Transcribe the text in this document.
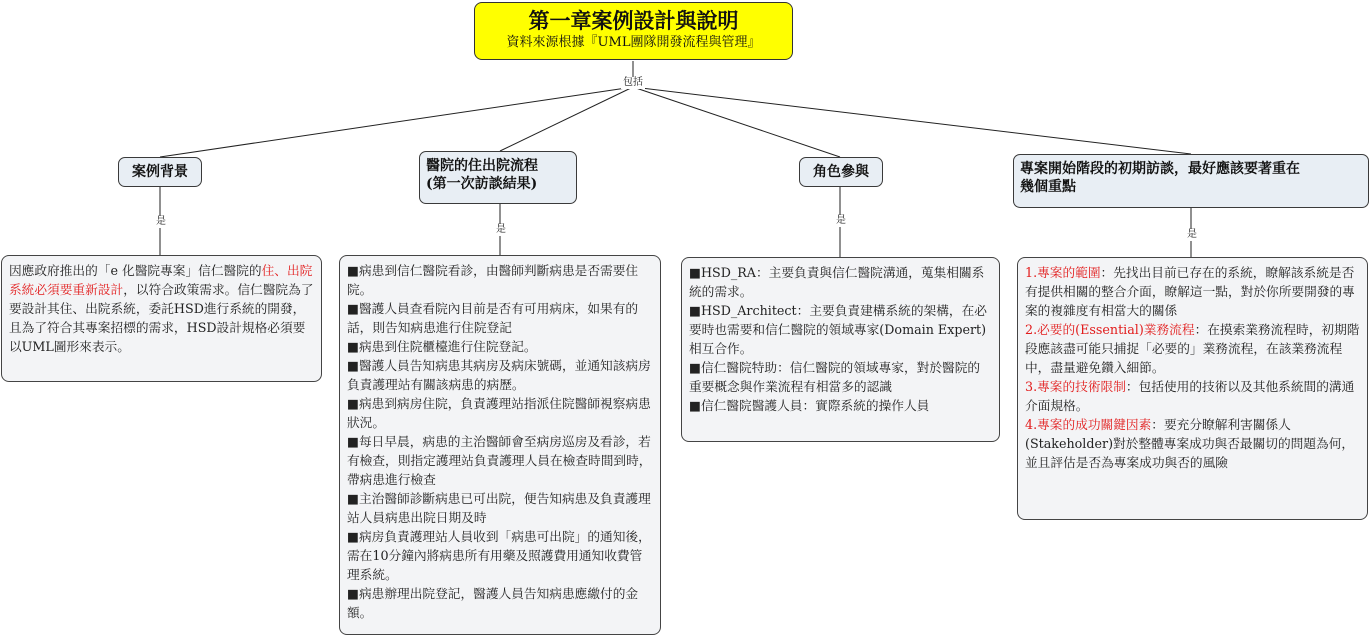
第一章案例設計與說明
資料來源根據『UML團隊開發流程與管理』
包括
案例背景
是

因應政府推出的「e 化醫院專案」信仁醫院的住、出院系統必須要重新設計，以符合政策需求。信仁醫院為了要設計其住、出院系統，委託HSD進行系統的開發，且為了符合其專案招標的需求，HSD設計規格必須要以UML圖形來表示。

醫院的住出院流程
(第一次訪談結果)
是

■病患到信仁醫院看診，由醫師判斷病患是否需要住院。

■醫護人員查看院內目前是否有可用病床，如果有的話，則告知病患進行住院登記

■病患到住院櫃檯進行住院登記。

■醫護人員告知病患其病房及病床號碼，並通知該病房負責護理站有關該病患的病歷。

■病患到病房住院，負責護理站指派住院醫師視察病患狀況。

■每日早晨，病患的主治醫師會至病房巡房及看診，若有檢查，則指定護理站負責護理人員在檢查時間到時，帶病患進行檢查

■主治醫師診斷病患已可出院，便告知病患及負責護理站人員病患出院日期及時

■病房負責護理站人員收到「病患可出院」的通知後，需在10分鐘內將病患所有用藥及照護費用通知收費管理系統。

■病患辦理出院登記，醫護人員告知病患應繳付的金額。

角色參與
是

■HSD_RA：主要負責與信仁醫院溝通，蒐集相關系統的需求。

■HSD_Architect：主要負責建構系統的架構，在必要時也需要和信仁醫院的領域專家(Domain Expert)相互合作。

■信仁醫院特助：信仁醫院的領域專家，對於醫院的重要概念與作業流程有相當多的認識

■信仁醫院醫護人員：實際系統的操作人員

專案開始階段的初期訪談，最好應該要著重在
幾個重點
是

1.專案的範圍：先找出目前已存在的系統，瞭解該系統是否有提供相關的整合介面，瞭解這一點，對於你所要開發的專案的複雜度有相當大的關係

2.必要的(Essential)業務流程：在摸索業務流程時，初期階段應該盡可能只捕捉「必要的」業務流程，在該業務流程中，盡量避免鑽入細節。

3.專案的技術限制：包括使用的技術以及其他系統間的溝通介面規格。

4.專案的成功關鍵因素：要充分瞭解利害關係人(Stakeholder)對於整體專案成功與否最關切的問題為何，並且評估是否為專案成功與否的風險
